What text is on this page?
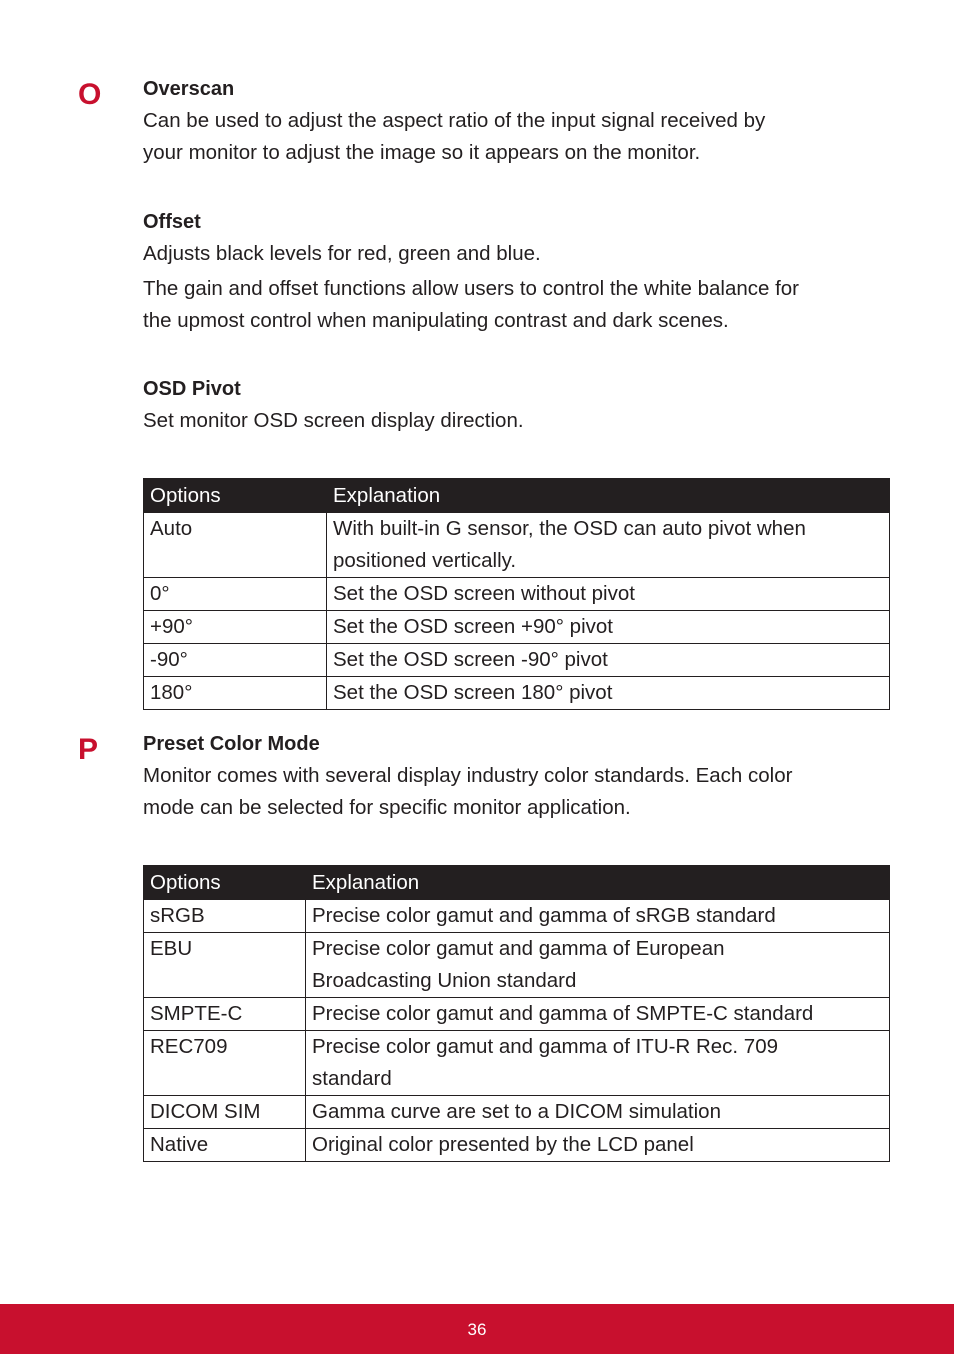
O Overscan
Can be used to adjust the aspect ratio of the input signal received by
your monitor to adjust the image so it appears on the monitor.
Offset
Adjusts black levels for red, green and blue.
The gain and offset functions allow users to control the white balance for
the upmost control when manipulating contrast and dark scenes.
OSD Pivot
Set monitor OSD screen display direction.
Options	Explanation
Auto	With built-in G sensor, the OSD can auto pivot when
positioned vertically.

0°	Set the OSD screen without pivot
+90°	Set the OSD screen +90° pivot
-90°	Set the OSD screen -90° pivot
180°	Set the OSD screen 180° pivot
P Preset Color Mode
Monitor comes with several display industry color standards. Each color
mode can be selected for specific monitor application.
Options	Explanation
sRGB	Precise color gamut and gamma of sRGB standard
EBU	Precise color gamut and gamma of European
Broadcasting Union standard

SMPTE-C	Precise color gamut and gamma of SMPTE-C standard
REC709	Precise color gamut and gamma of ITU-R Rec. 709
standard

DICOM SIM	Gamma curve are set to a DICOM simulation
Native	Original color presented by the LCD panel
36
